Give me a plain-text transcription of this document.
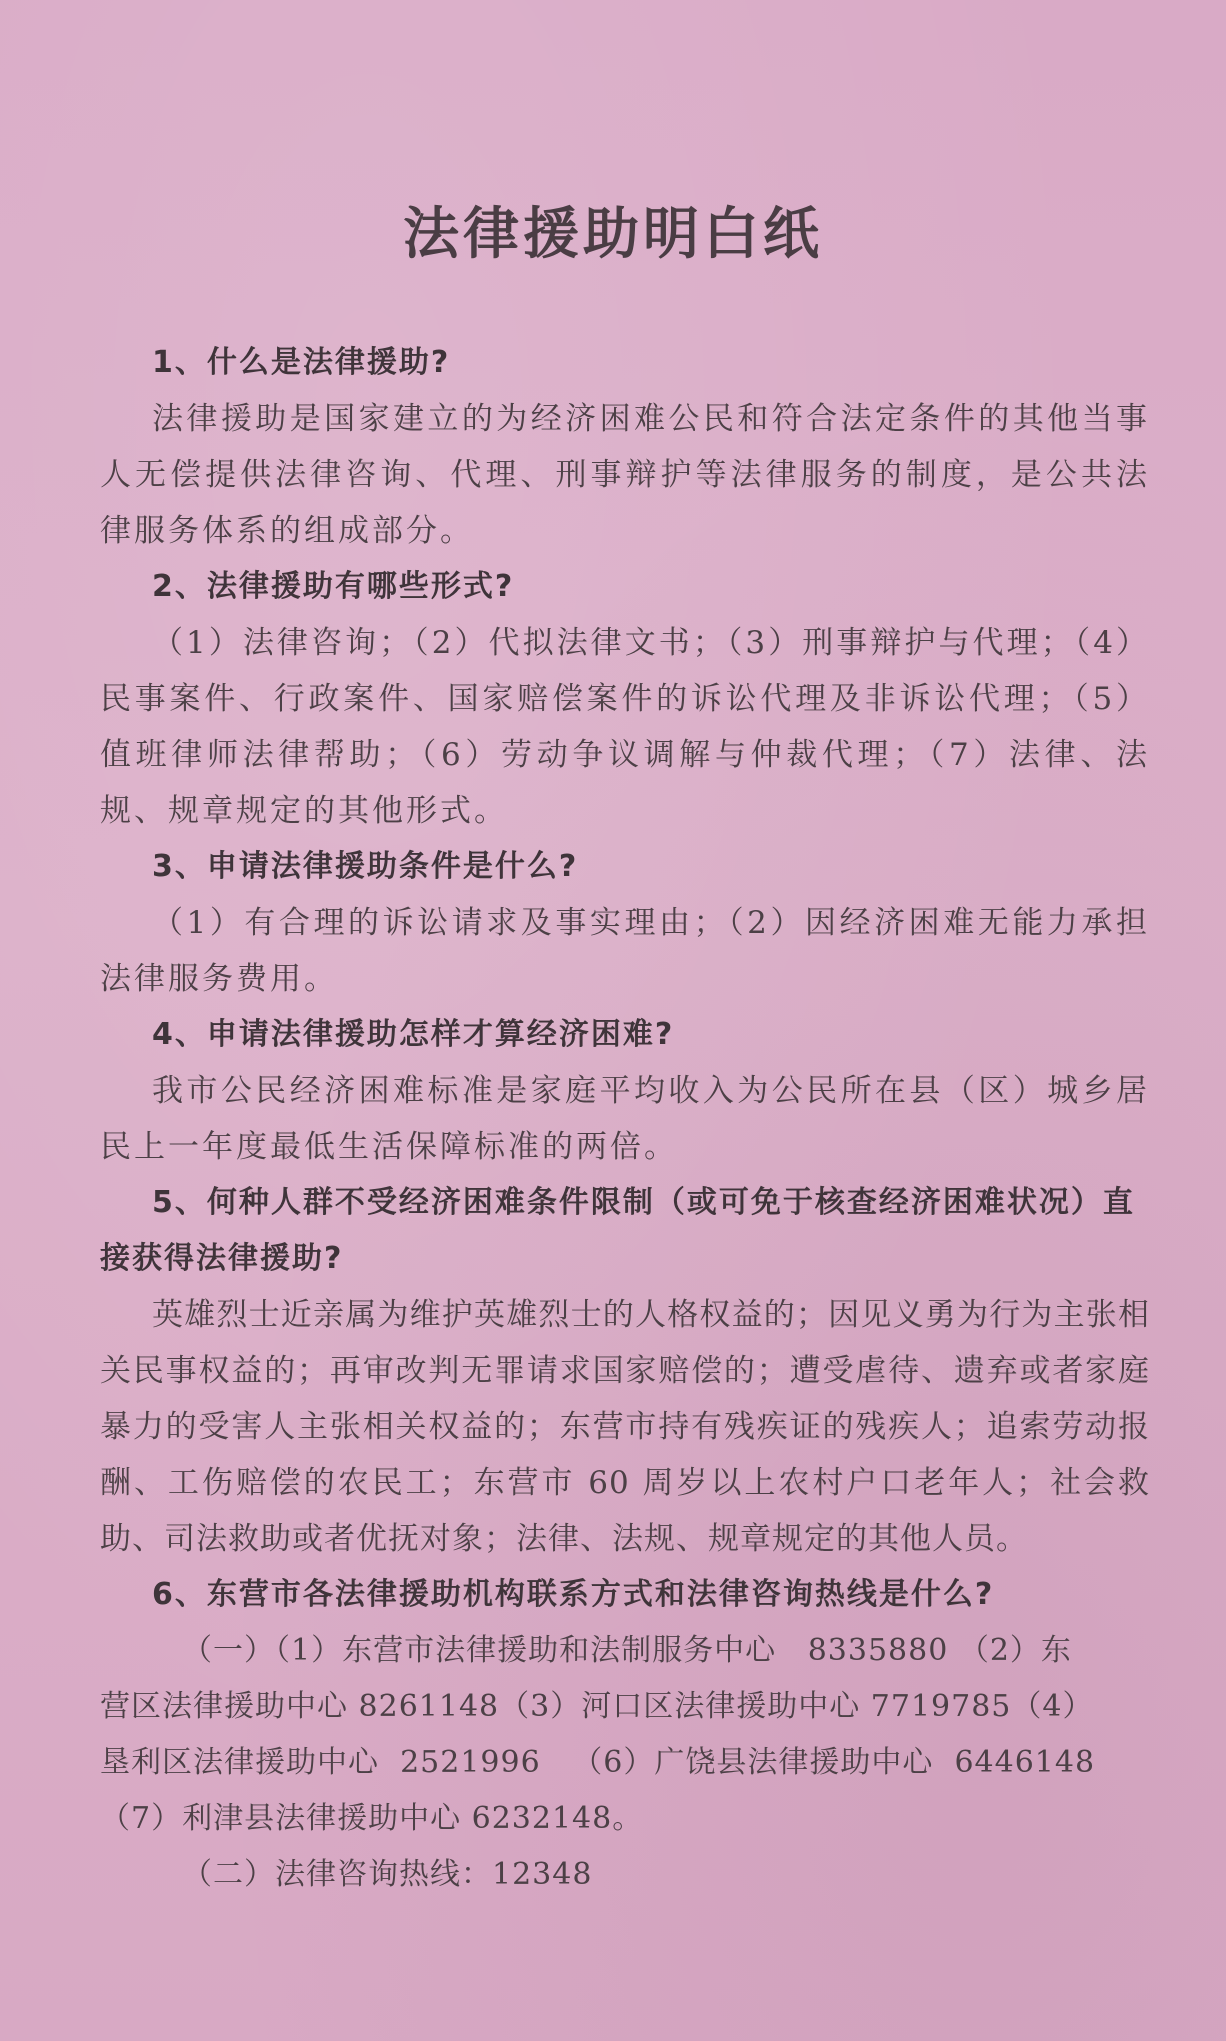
法律援助明白纸

1、什么是法律援助?

法律援助是国家建立的为经济困难公民和符合法定条件的其他当事人无偿提供法律咨询、代理、刑事辩护等法律服务的制度，是公共法律服务体系的组成部分。

2、法律援助有哪些形式?

（1）法律咨询；（2）代拟法律文书；（3）刑事辩护与代理；（4）民事案件、行政案件、国家赔偿案件的诉讼代理及非诉讼代理；（5）值班律师法律帮助；（6）劳动争议调解与仲裁代理；（7）法律、法规、规章规定的其他形式。

3、申请法律援助条件是什么?

（1）有合理的诉讼请求及事实理由；（2）因经济困难无能力承担法律服务费用。

4、申请法律援助怎样才算经济困难?

我市公民经济困难标准是家庭平均收入为公民所在县（区）城乡居民上一年度最低生活保障标准的两倍。

5、何种人群不受经济困难条件限制（或可免于核查经济困难状况）直接获得法律援助?

英雄烈士近亲属为维护英雄烈士的人格权益的；因见义勇为行为主张相关民事权益的；再审改判无罪请求国家赔偿的；遭受虐待、遗弃或者家庭暴力的受害人主张相关权益的；东营市持有残疾证的残疾人；追索劳动报酬、工伤赔偿的农民工；东营市 60 周岁以上农村户口老年人；社会救助、司法救助或者优抚对象；法律、法规、规章规定的其他人员。

6、东营市各法律援助机构联系方式和法律咨询热线是什么?

（一）（1）东营市法律援助和法制服务中心   8335880 （2）东

营区法律援助中心 8261148（3）河口区法律援助中心 7719785（4）

垦利区法律援助中心  2521996   （6）广饶县法律援助中心  6446148

（7）利津县法律援助中心 6232148。

（二）法律咨询热线：12348
